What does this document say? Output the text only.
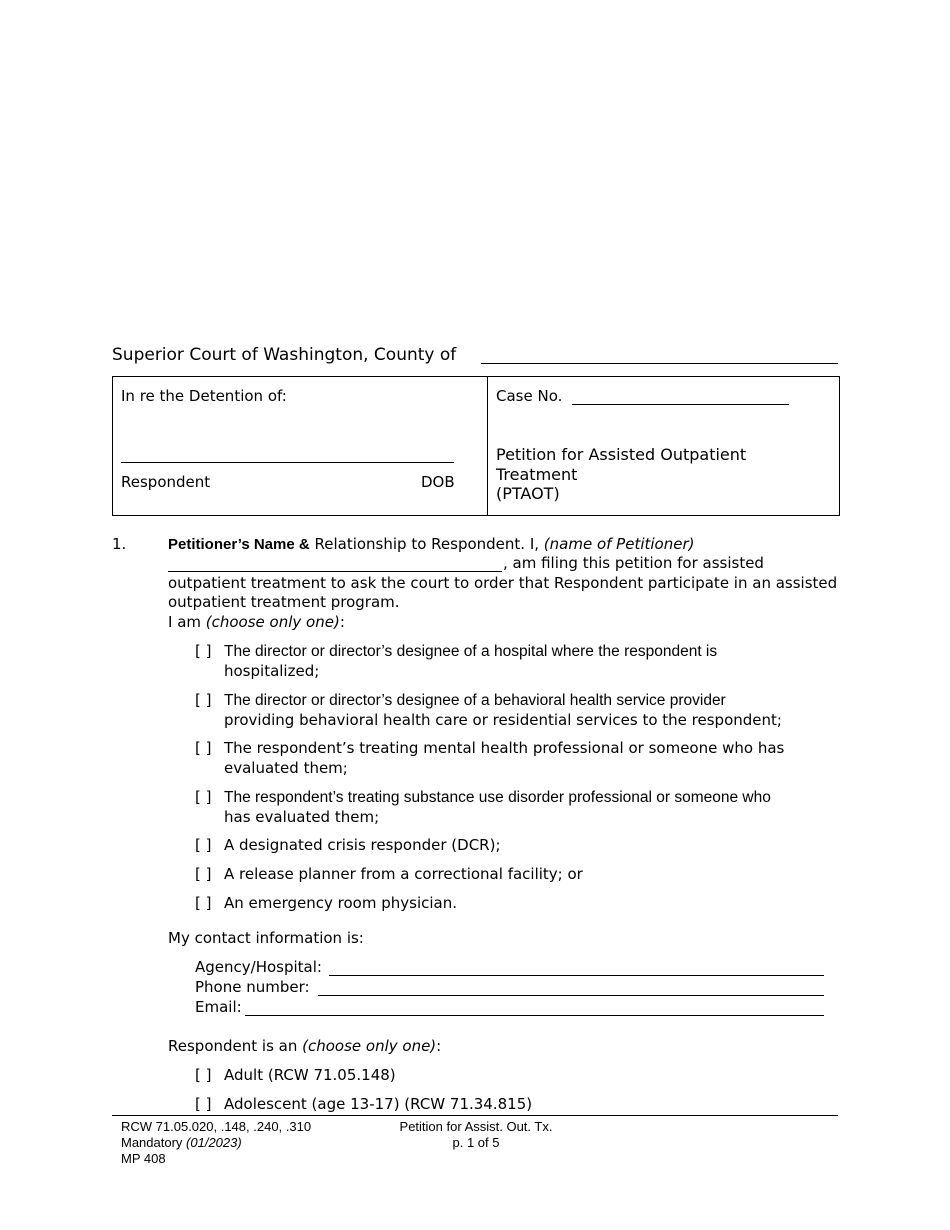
Superior Court of Washington, County of
In re the Detention of:
Respondent	DOB
Case No.
Petition for Assisted Outpatient
Treatment
(PTAOT)
1.	Petitioner’s Name & Relationship to Respondent. I, (name of Petitioner)
, am filing this petition for assisted
outpatient treatment to ask the court to order that Respondent participate in an assisted
outpatient treatment program.
I am (choose only one):
[ ] The director or director’s designee of a hospital where the respondent is
hospitalized;
[ ] The director or director’s designee of a behavioral health service provider
providing behavioral health care or residential services to the respondent;
[ ] The respondent’s treating mental health professional or someone who has
evaluated them;
[ ] The respondent’s treating substance use disorder professional or someone who
has evaluated them;
[ ] A designated crisis responder (DCR);
[ ] A release planner from a correctional facility; or
[ ] An emergency room physician.
My contact information is:
Agency/Hospital:
Phone number:
Email:
Respondent is an (choose only one):
[ ] Adult (RCW 71.05.148)
[ ] Adolescent (age 13-17) (RCW 71.34.815)
RCW 71.05.020, .148, .240, .310
Mandatory (01/2023)
MP 408
Petition for Assist. Out. Tx.
p. 1 of 5
